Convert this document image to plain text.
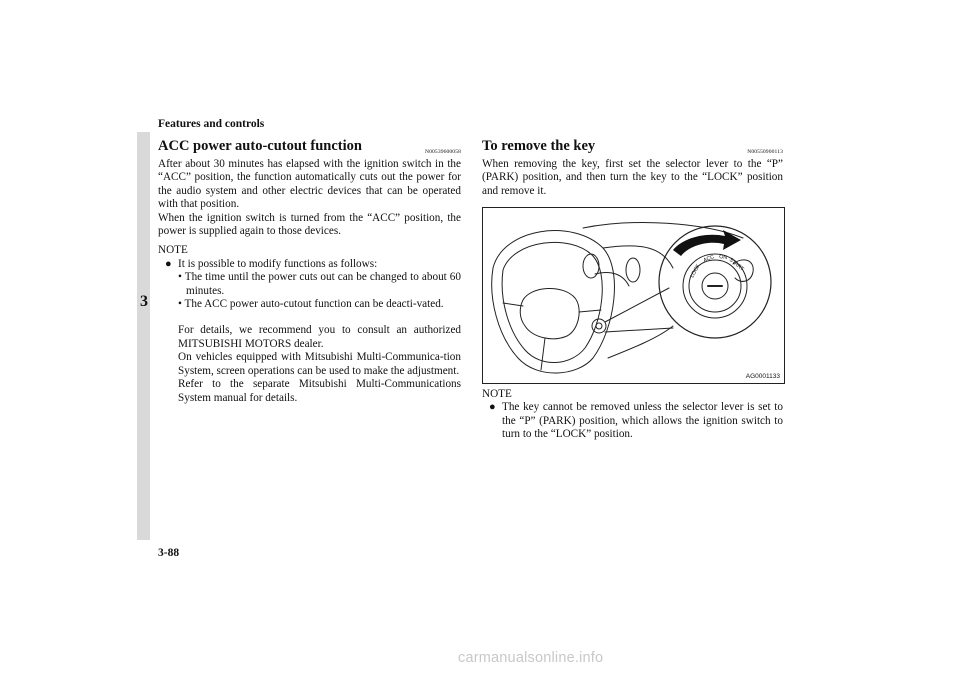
Features and controls
3
ACC power auto-cutout function	N00539600058
After about 30 minutes has elapsed with the ignition switch in the “ACC” position, the function automatically cuts out the power for the audio system and other electric devices that can be operated with that position.
When the ignition switch is turned from the “ACC” position, the power is supplied again to those devices.
NOTE
● It is possible to modify functions as follows:
• The time until the power cuts out can be changed to about 60 minutes.
• The ACC power auto-cutout function can be deacti-vated.
For details, we recommend you to consult an authorized MITSUBISHI MOTORS dealer.
On vehicles equipped with Mitsubishi Multi-Communica-tion System, screen operations can be used to make the adjustment.
Refer to the separate Mitsubishi Multi-Communications System manual for details.
To remove the key	N00550900113
When removing the key, first set the selector lever to the “P” (PARK) position, and then turn the key to the “LOCK” position and remove it.
LOCK
ACC ON START
AG0001133
NOTE
● The key cannot be removed unless the selector lever is set to the “P” (PARK) position, which allows the ignition switch to turn to the “LOCK” position.
3-88
carmanualsonline.info
